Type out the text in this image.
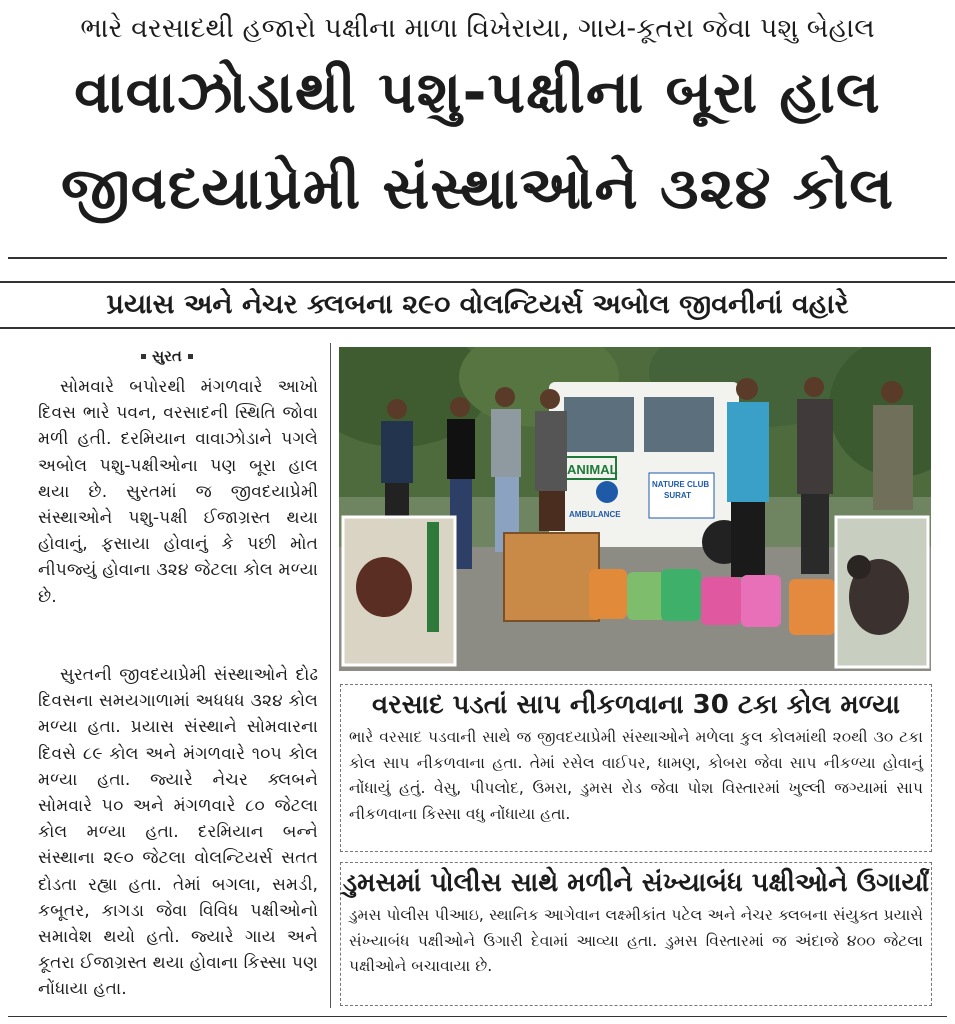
ભારે વરસાદથી હજારો પક્ષીના માળા વિખેરાયા, ગાય-કૂતરા જેવા પશુ બેહાલ
વાવાઝોડાથી પશુ-પક્ષીના બૂરા હાલ
જીવદયાપ્રેમી સંસ્થાઓને ૩૨૪ કોલ
પ્રયાસ અને નેચર ક્લબના ૨૯૦ વોલન્ટિયર્સ અબોલ જીવનીનાં વહારે
સુરત
સોમવારે બપોરથી મંગળવારે આખો દિવસ ભારે પવન, વરસાદની સ્થિતિ જોવા મળી હતી. દરમિયાન વાવાઝોડાને પગલે અબોલ પશુ-પક્ષીઓના પણ બૂરા હાલ થયા છે. સુરતમાં જ જીવદયાપ્રેમી સંસ્થાઓને પશુ-પક્ષી ઈજાગ્રસ્ત થયા હોવાનું, ફસાયા હોવાનું કે પછી મોત નીપજ્યું હોવાના ૩૨૪ જેટલા કોલ મળ્યા છે.
સુરતની જીવદયાપ્રેમી સંસ્થાઓને દોઢ દિવસના સમયગાળામાં અધધધ ૩૨૪ કોલ મળ્યા હતા. પ્રયાસ સંસ્થાને સોમવારના દિવસે ૮૯ કોલ અને મંગળવારે ૧૦૫ કોલ મળ્યા હતા. જ્યારે નેચર ક્લબને સોમવારે ૫૦ અને મંગળવારે ૮૦ જેટલા કોલ મળ્યા હતા. દરમિયાન બન્ને સંસ્થાના ૨૯૦ જેટલા વોલન્ટિયર્સ સતત દોડતા રહ્યા હતા. તેમાં બગલા, સમડી, કબૂતર, કાગડા જેવા વિવિધ પક્ષીઓનો સમાવેશ થયો હતો. જ્યારે ગાય અને કૂતરા ઈજાગ્રસ્ત થયા હોવાના કિસ્સા પણ નોંધાયા હતા.
ANIMAL
NATURE CLUB
SURAT
AMBULANCE
વરસાદ પડતાં સાપ નીકળવાના 30 ટકા કોલ મળ્યા

ભારે વરસાદ પડવાની સાથે જ જીવદયાપ્રેમી સંસ્થાઓને મળેલા કુલ કોલમાંથી ૨૦થી ૩૦ ટકા કોલ સાપ નીકળવાના હતા. તેમાં રસેલ વાઈપર, ધામણ, કોબરા જેવા સાપ નીકળ્યા હોવાનું નોંધાયું હતું. વેસુ, પીપલોદ, ઉમરા, ડુમસ રોડ જેવા પોશ વિસ્તારમાં ખુલ્લી જગ્યામાં સાપ નીકળવાના કિસ્સા વધુ નોંધાયા હતા.

ડુમસમાં પોલીસ સાથે મળીને સંખ્યાબંધ પક્ષીઓને ઉગાર્યાં

ડુમસ પોલીસ પીઆઇ, સ્થાનિક આગેવાન લક્ષ્મીકાંત પટેલ અને નેચર ક્લબના સંયુક્ત પ્રયાસે સંખ્યાબંધ પક્ષીઓને ઉગારી દેવામાં આવ્યા હતા. ડુમસ વિસ્તારમાં જ અંદાજે ૪૦૦ જેટલા પક્ષીઓને બચાવાયા છે.
